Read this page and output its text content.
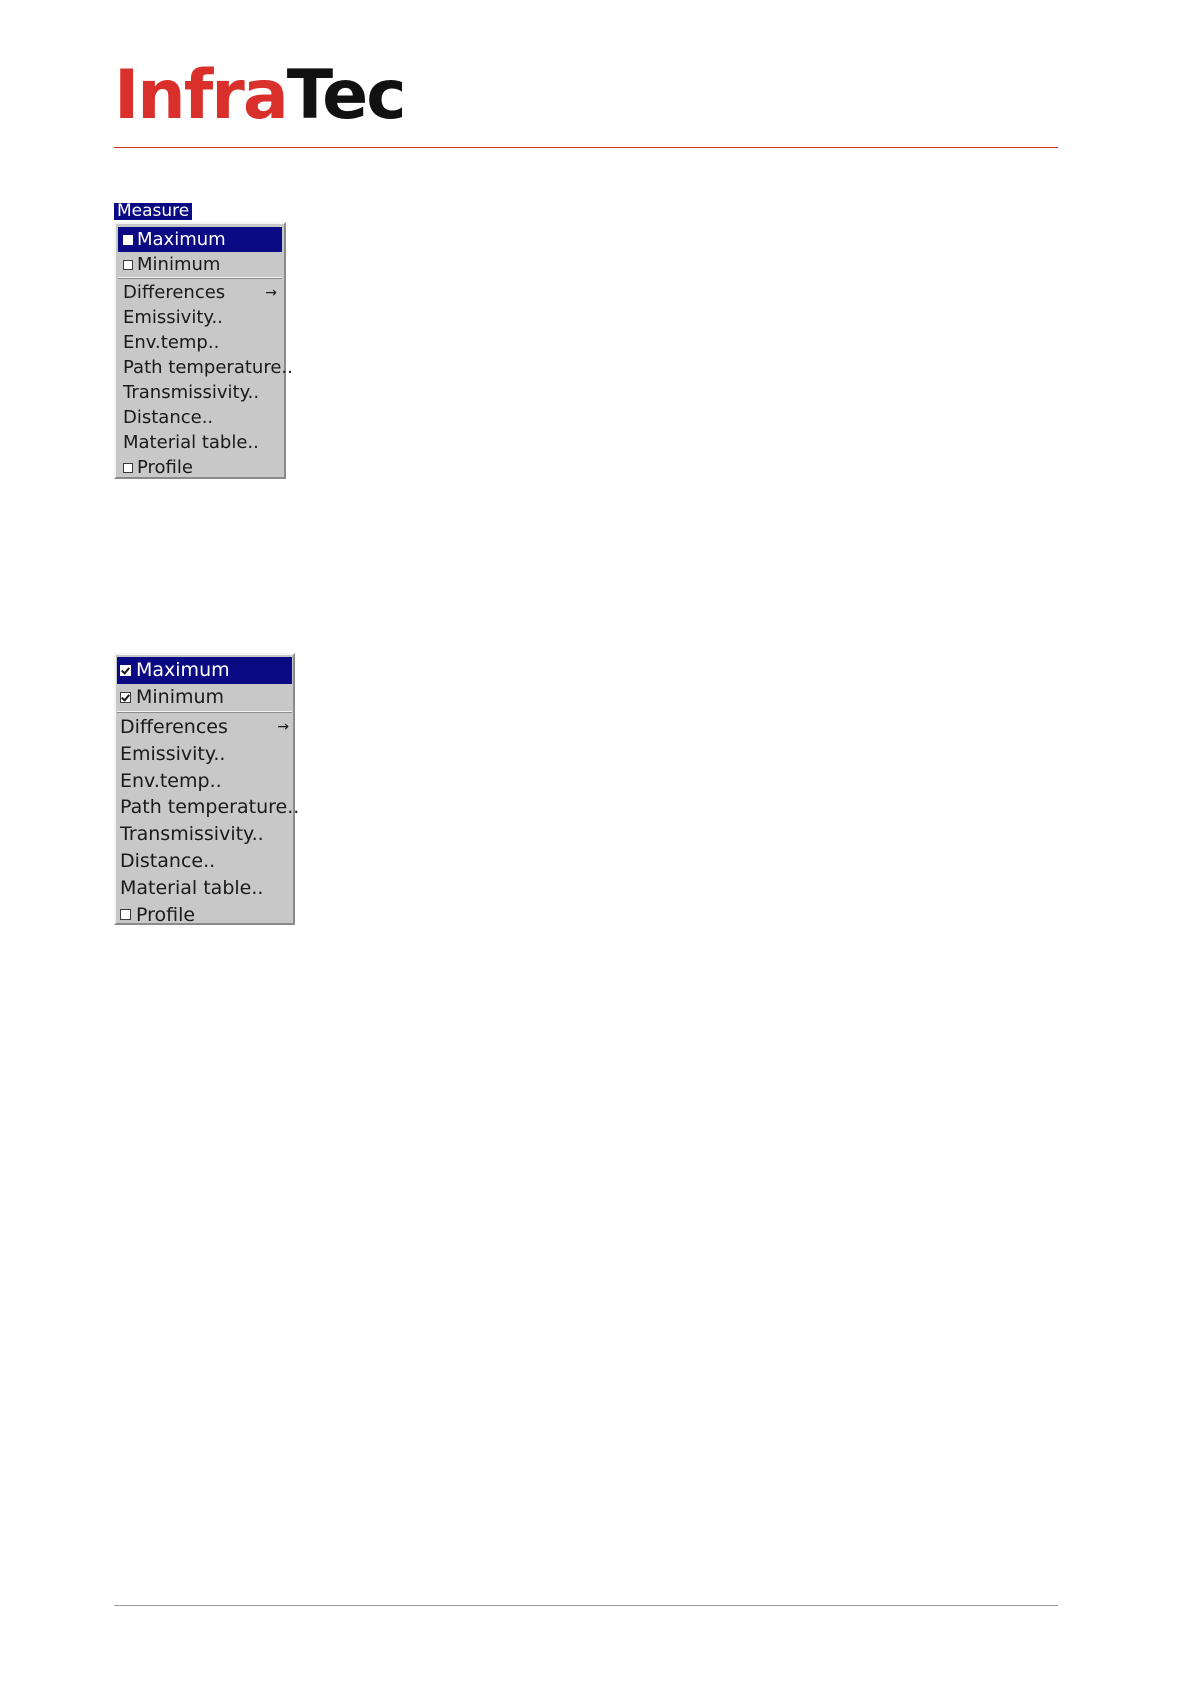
InfraTec
Measure
Maximum
Minimum
Differences	→
Emissivity..
Env.temp..
Path temperature..
Transmissivity..
Distance..
Material table..
Profile
Maximum
Minimum
Differences	→
Emissivity..
Env.temp..
Path temperature..
Transmissivity..
Distance..
Material table..
Profile
